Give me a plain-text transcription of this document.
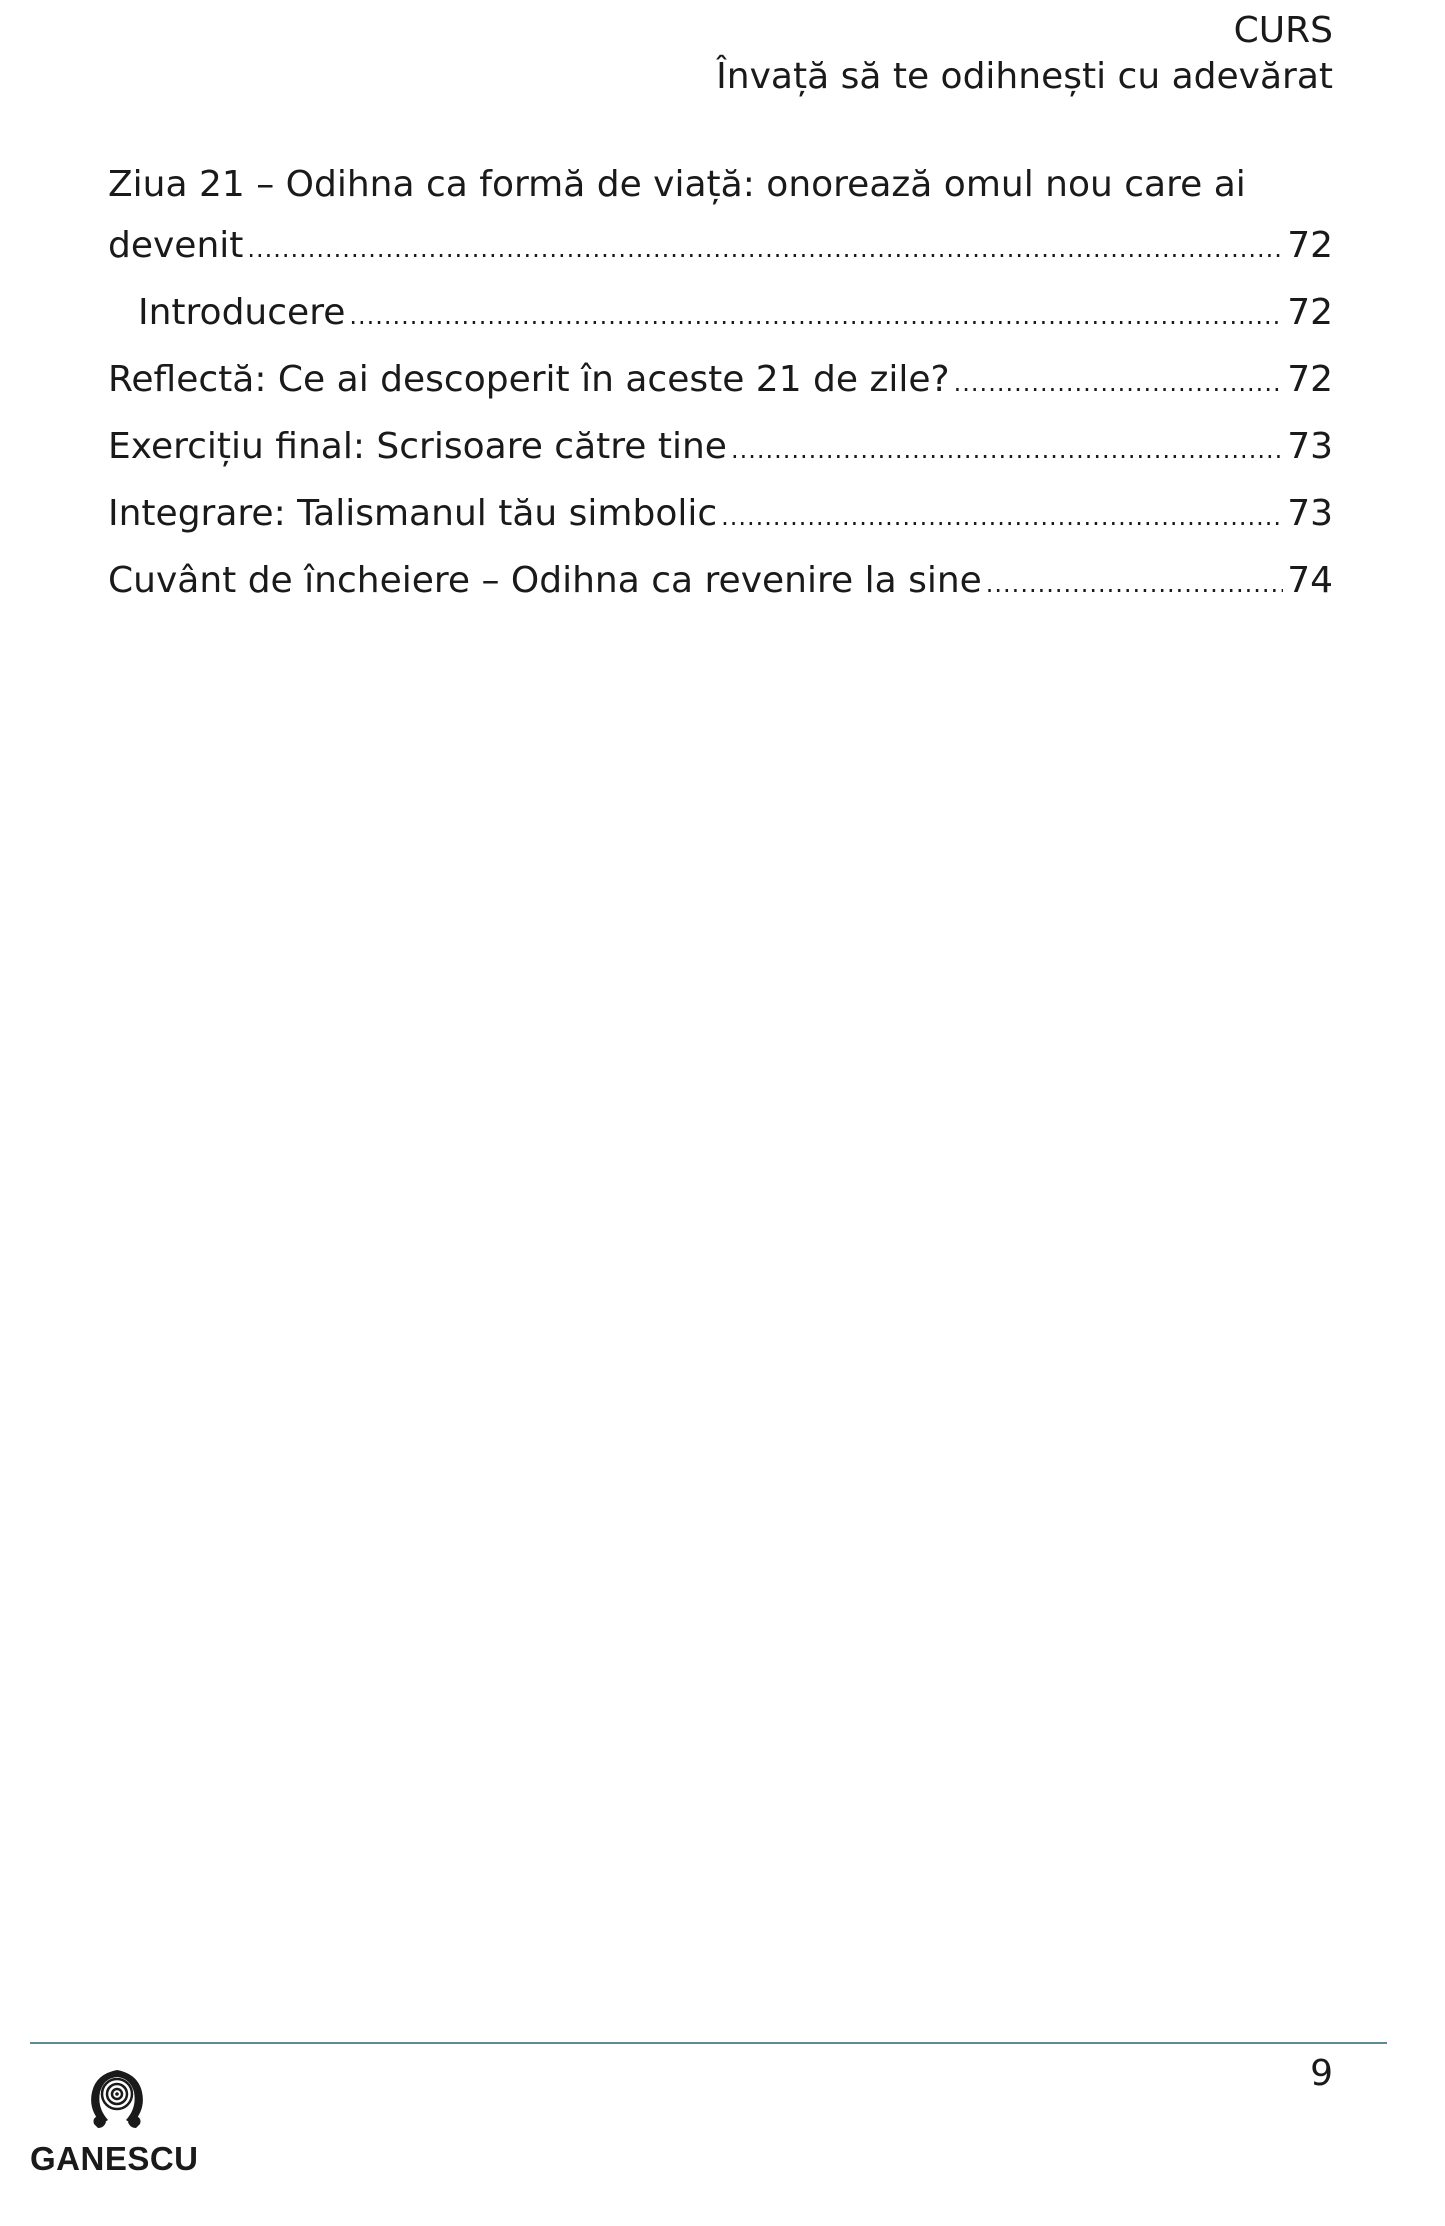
CURS
Învață să te odihnești cu adevărat
Ziua 21 – Odihna ca formă de viață: onorează omul nou care ai
devenit .....	72
Introducere .....	72
Reflectă: Ce ai descoperit în aceste 21 de zile? .....	72
Exercițiu final: Scrisoare către tine .....	73
Integrare: Talismanul tău simbolic .....	73
Cuvânt de încheiere – Odihna ca revenire la sine .....	74
9
GANESCU
